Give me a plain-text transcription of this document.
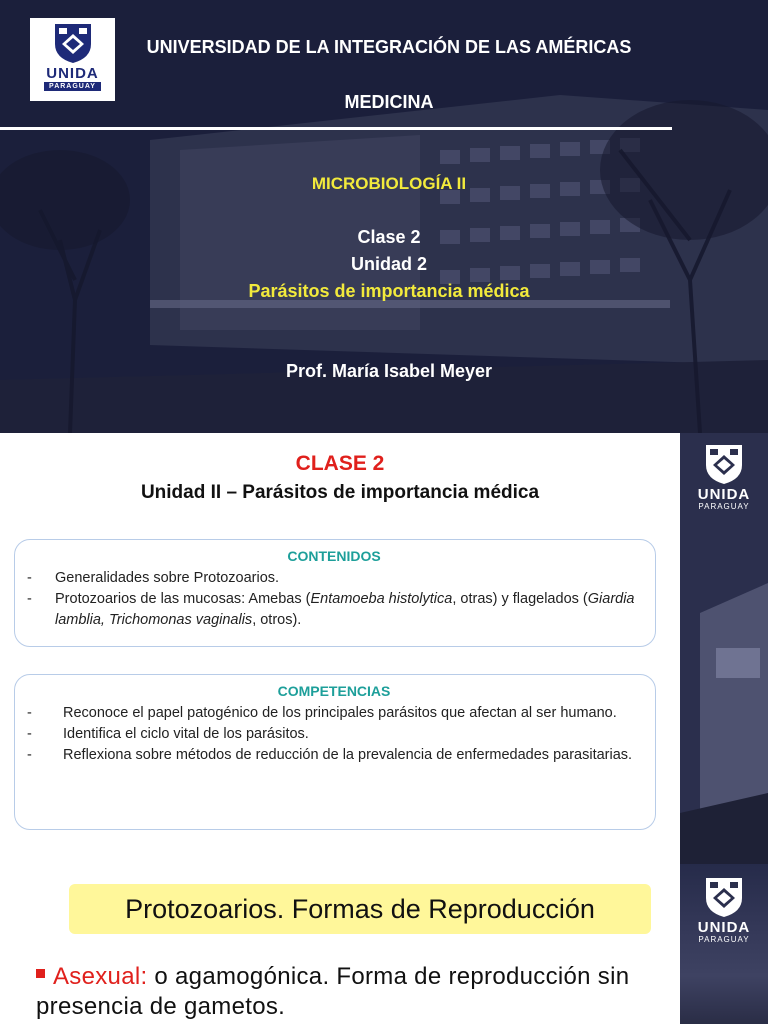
UNIDA
PARAGUAY
UNIVERSIDAD DE LA INTEGRACIÓN DE LAS AMÉRICAS
MEDICINA
MICROBIOLOGÍA II
Clase 2
Unidad 2
Parásitos de importancia médica
Prof. María Isabel Meyer
UNIDA
PARAGUAY
CLASE 2
Unidad II – Parásitos de importancia médica
CONTENIDOS
- Generalidades sobre Protozoarios.
- Protozoarios de las mucosas: Amebas (Entamoeba histolytica, otras) y flagelados (Giardia lamblia, Trichomonas vaginalis, otros).
COMPETENCIAS
- Reconoce el papel patogénico de los principales parásitos que afectan al ser humano.
- Identifica el ciclo vital de los parásitos.
- Reflexiona sobre métodos de reducción de la prevalencia de enfermedades parasitarias.
UNIDA
PARAGUAY
Protozoarios. Formas de Reproducción
Asexual: o agamogónica. Forma de reproducción sin presencia de gametos.
